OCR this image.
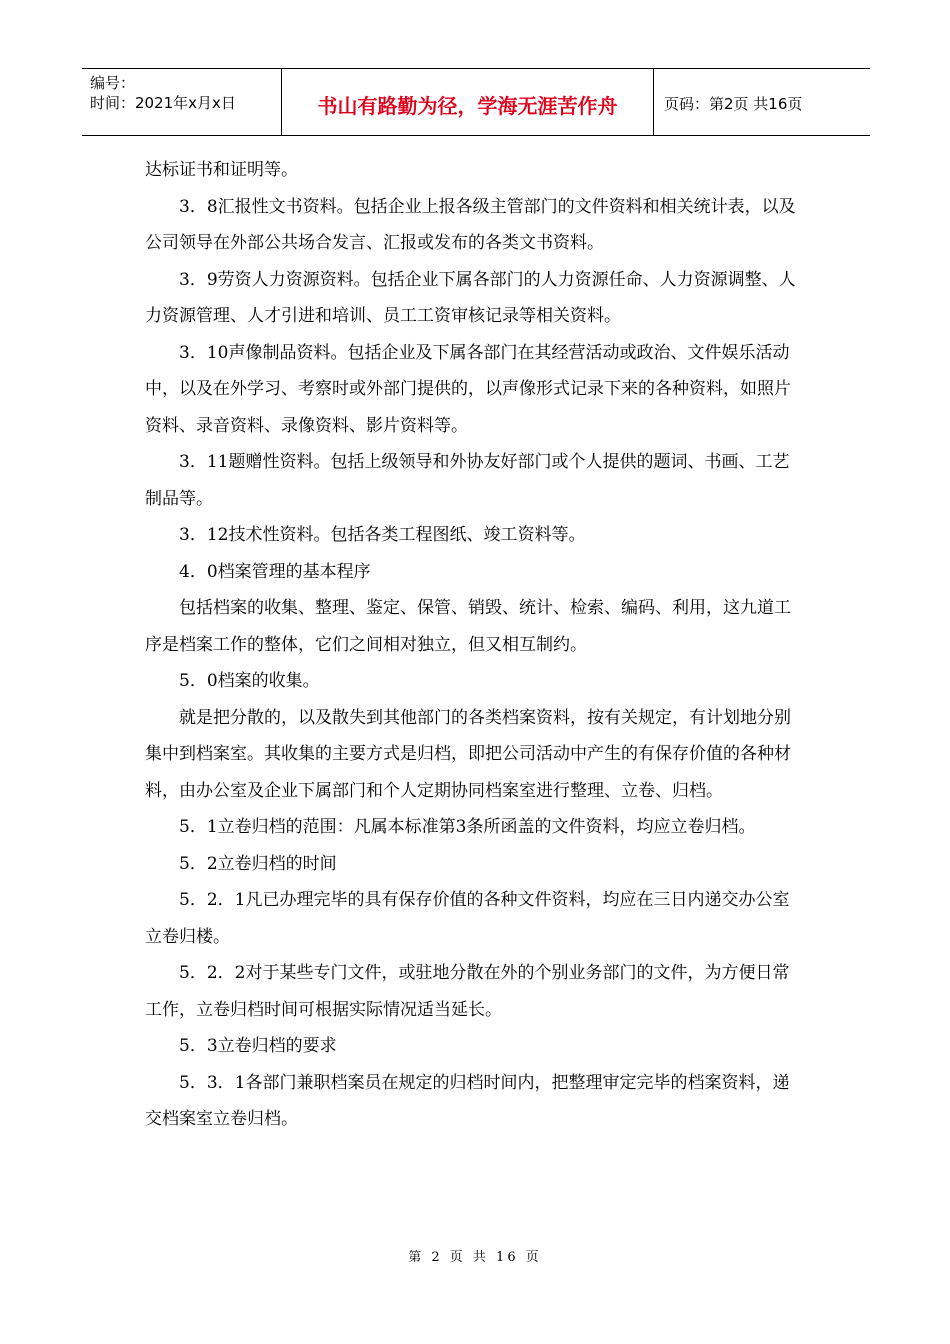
编号：
时间：2021年x月x日	书山有路勤为径，学海无涯苦作舟	页码：第2页 共16页

达标证书和证明等。

3．8汇报性文书资料。包括企业上报各级主管部门的文件资料和相关统计表，以及公司领导在外部公共场合发言、汇报或发布的各类文书资料。

3．9劳资人力资源资料。包括企业下属各部门的人力资源任命、人力资源调整、人力资源管理、人才引进和培训、员工工资审核记录等相关资料。

3．10声像制品资料。包括企业及下属各部门在其经营活动或政治、文件娱乐活动中，以及在外学习、考察时或外部门提供的，以声像形式记录下来的各种资料，如照片资料、录音资料、录像资料、影片资料等。

3．11题赠性资料。包括上级领导和外协友好部门或个人提供的题词、书画、工艺制品等。

3．12技术性资料。包括各类工程图纸、竣工资料等。

4．0档案管理的基本程序

包括档案的收集、整理、鉴定、保管、销毁、统计、检索、编码、利用，这九道工序是档案工作的整体，它们之间相对独立，但又相互制约。

5．0档案的收集。

就是把分散的，以及散失到其他部门的各类档案资料，按有关规定，有计划地分别集中到档案室。其收集的主要方式是归档，即把公司活动中产生的有保存价值的各种材料，由办公室及企业下属部门和个人定期协同档案室进行整理、立卷、归档。

5．1立卷归档的范围：凡属本标准第3条所函盖的文件资料，均应立卷归档。

5．2立卷归档的时间

5．2．1凡已办理完毕的具有保存价值的各种文件资料，均应在三日内递交办公室立卷归楼。

5．2．2对于某些专门文件，或驻地分散在外的个别业务部门的文件，为方便日常工作，立卷归档时间可根据实际情况适当延长。

5．3立卷归档的要求

5．3．1各部门兼职档案员在规定的归档时间内，把整理审定完毕的档案资料，递交档案室立卷归档。

第 2 页 共 16 页
